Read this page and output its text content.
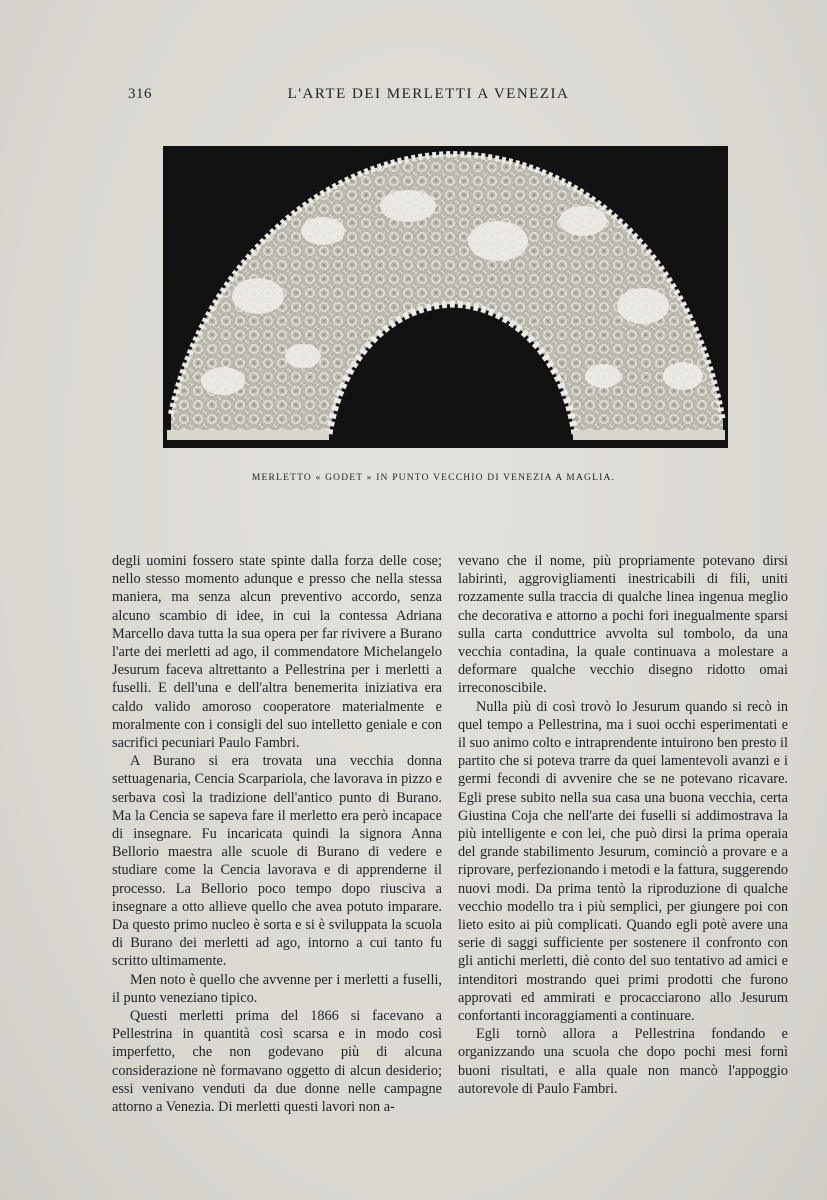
316	L'ARTE DEI MERLETTI A VENEZIA
MERLETTO « GODET » IN PUNTO VECCHIO DI VENEZIA A MAGLIA.

degli uomini fossero state spinte dalla forza delle cose; nello stesso momento adunque e presso che nella stessa maniera, ma senza alcun preventivo accordo, senza alcuno scambio di idee, in cui la contessa Adriana Marcello dava tutta la sua opera per far rivivere a Burano l'arte dei merletti ad ago, il commendatore Michelangelo Jesurum faceva altrettanto a Pellestrina per i merletti a fuselli. E dell'una e dell'altra benemerita iniziativa era caldo valido amoroso cooperatore materialmente e moralmente con i consigli del suo intelletto geniale e con sacrifici pecuniari Paulo Fambri.

A Burano si era trovata una vecchia donna settuagenaria, Cencia Scarpariola, che lavorava in pizzo e serbava così la tradizione dell'antico punto di Burano. Ma la Cencia se sapeva fare il merletto era però incapace di insegnare. Fu incaricata quindi la signora Anna Bellorio maestra alle scuole di Burano di vedere e studiare come la Cencia lavorava e di apprenderne il processo. La Bellorio poco tempo dopo riusciva a insegnare a otto allieve quello che avea potuto imparare. Da questo primo nucleo è sorta e si è sviluppata la scuola di Burano dei merletti ad ago, intorno a cui tanto fu scritto ultimamente.

Men noto è quello che avvenne per i merletti a fuselli, il punto veneziano tipico.

Questi merletti prima del 1866 si facevano a Pellestrina in quantità così scarsa e in modo così imperfetto, che non godevano più di alcuna considerazione nè formavano oggetto di alcun desiderio; essi venivano venduti da due donne nelle campagne attorno a Venezia. Di merletti questi lavori non a-

vevano che il nome, più propriamente potevano dirsi labirinti, aggrovigliamenti inestricabili di fili, uniti rozzamente sulla traccia di qualche linea ingenua meglio che decorativa e attorno a pochi fori inegualmente sparsi sulla carta conduttrice avvolta sul tombolo, da una vecchia contadina, la quale continuava a molestare a deformare qualche vecchio disegno ridotto omai irreconoscibile.

Nulla più di così trovò lo Jesurum quando si recò in quel tempo a Pellestrina, ma i suoi occhi esperimentati e il suo animo colto e intraprendente intuirono ben presto il partito che si poteva trarre da quei lamentevoli avanzi e i germi fecondi di avvenire che se ne potevano ricavare. Egli prese subito nella sua casa una buona vecchia, certa Giustina Coja che nell'arte dei fuselli si addimostrava la più intelligente e con lei, che può dirsi la prima operaia del grande stabilimento Jesurum, cominciò a provare e a riprovare, perfezionando i metodi e la fattura, suggerendo nuovi modi. Da prima tentò la riproduzione di qualche vecchio modello tra i più semplici, per giungere poi con lieto esito ai più complicati. Quando egli potè avere una serie di saggi sufficiente per sostenere il confronto con gli antichi merletti, diè conto del suo tentativo ad amici e intenditori mostrando quei primi prodotti che furono approvati ed ammirati e procacciarono allo Jesurum confortanti incoraggiamenti a continuare.

Egli tornò allora a Pellestrina fondando e organizzando una scuola che dopo pochi mesi fornì buoni risultati, e alla quale non mancò l'appoggio autorevole di Paulo Fambri.
